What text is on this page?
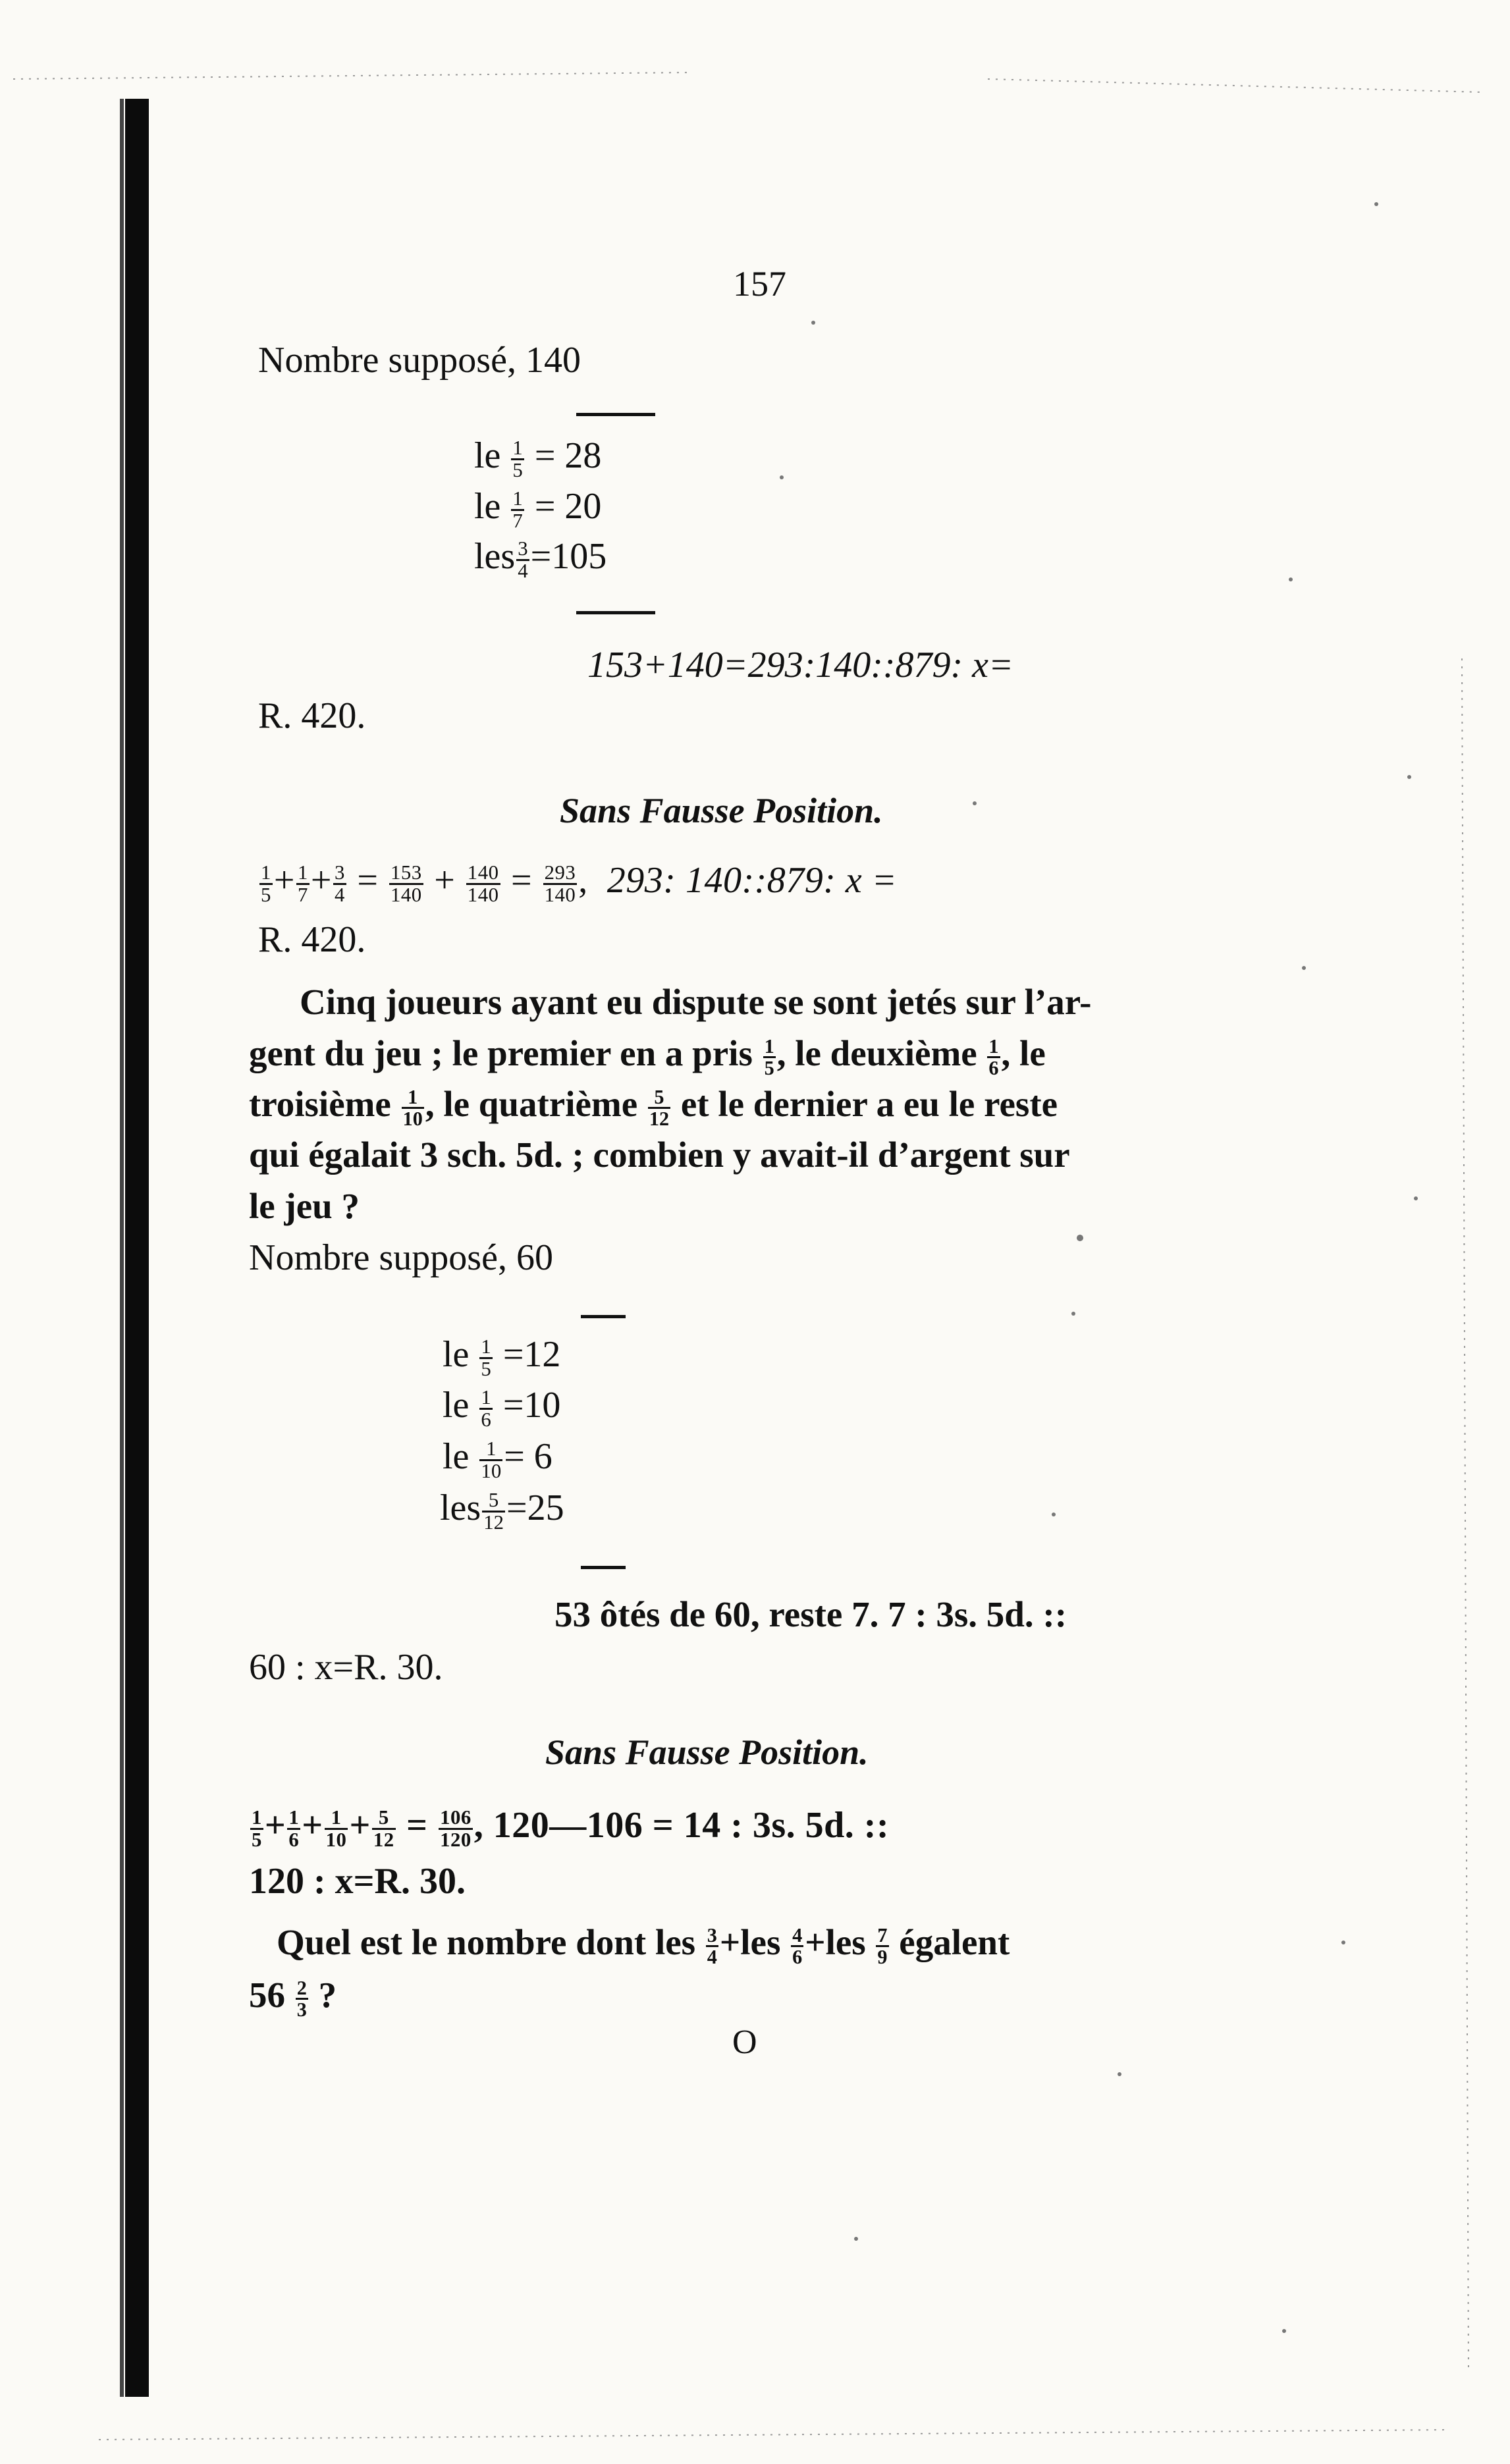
157
Nombre supposé, 140
le $\frac{1}{5} = 28$
le $\frac{1}{7} = 20$
les $\frac{3}{4} =105$
153+140=293:140::879: x=
R. 420.
Sans Fausse Position.
$\frac{1}{5} + \frac{1}{7} + \frac{3}{4} = \frac{153}{140} + \frac{140}{140} = \frac{293}{140}$ ,  293: 140::879: x =
R. 420.
Cinq joueurs ayant eu dispute se sont jetés sur l’ar-
gent du jeu ; le premier en a pris $\frac{1}{5}$ , le deuxième $\frac{1}{6}$ , le
troisième $\frac{1}{10}$ , le quatrième $\frac{5}{12}$ et le dernier a eu le reste
qui égalait 3 sch. 5d. ; combien y avait-il d’argent sur
le jeu ?
Nombre supposé, 60
le $\frac{1}{5} =12$
le $\frac{1}{6} =10$
le $\frac{1}{10} = 6$
les $\frac{5}{12} =25$
53 ôtés de 60, reste 7. 7 : 3s. 5d. ::
60 : x=R. 30.
Sans Fausse Position.
$\frac{1}{5} + \frac{1}{6} + \frac{1}{10} + \frac{5}{12} = \frac{106}{120}$ , 120—106 = 14 : 3s. 5d. ::
120 : x=R. 30.
Quel est le nombre dont les $\frac{3}{4} +les \frac{4}{6} +les \frac{7}{9}$ égalent
$56 \frac{2}{3}$ ?
O
